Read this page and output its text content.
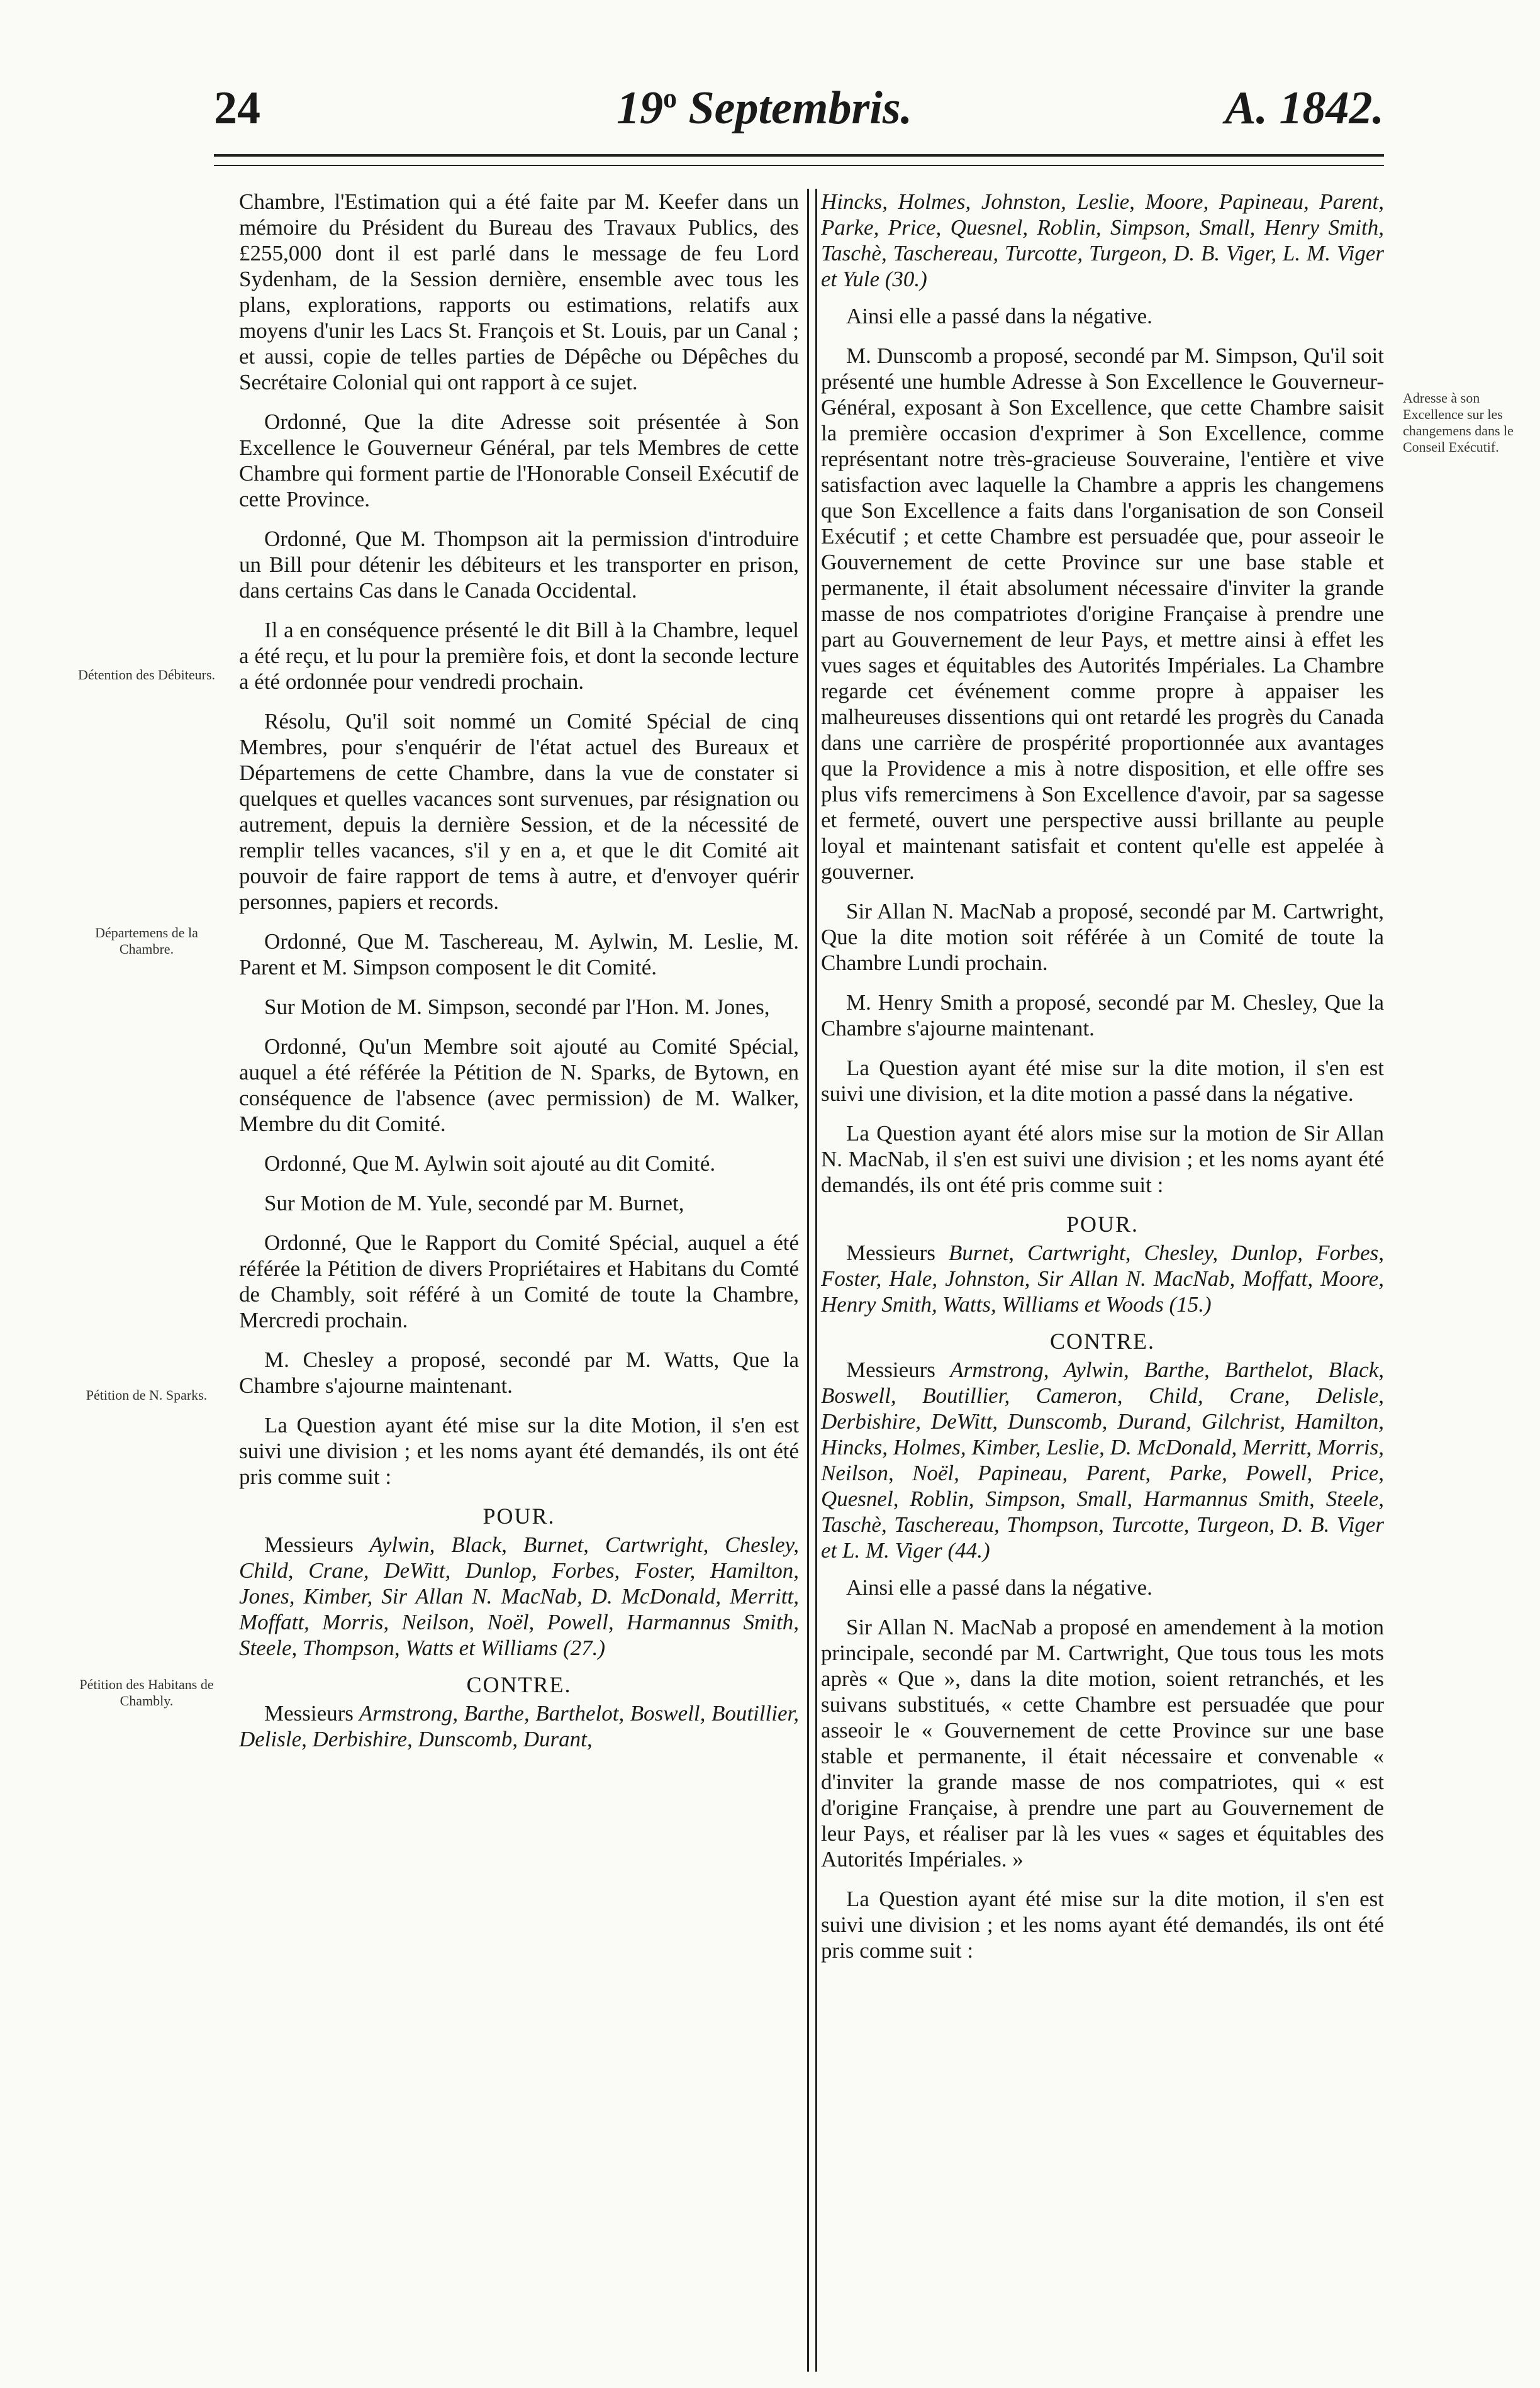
24	19$^o$ Septembris.	A. 1842.
Détention des Débiteurs.
Départemens de la Chambre.
Pétition de N. Sparks.
Pétition des Habitans de Chambly.
Adresse à son Excellence sur les changemens dans le Conseil Exécutif.

Chambre, l'Estimation qui a été faite par M. Keefer dans un mémoire du Président du Bureau des Travaux Publics, des £255,000 dont il est parlé dans le message de feu Lord Sydenham, de la Session dernière, ensemble avec tous les plans, explorations, rapports ou estimations, relatifs aux moyens d'unir les Lacs St. François et St. Louis, par un Canal ; et aussi, copie de telles parties de Dépêche ou Dépêches du Secrétaire Colonial qui ont rapport à ce sujet.

Ordonné, Que la dite Adresse soit présentée à Son Excellence le Gouverneur Général, par tels Membres de cette Chambre qui forment partie de l'Honorable Conseil Exécutif de cette Province.

Ordonné, Que M. Thompson ait la permission d'introduire un Bill pour détenir les débiteurs et les transporter en prison, dans certains Cas dans le Canada Occidental.

Il a en conséquence présenté le dit Bill à la Chambre, lequel a été reçu, et lu pour la première fois, et dont la seconde lecture a été ordonnée pour vendredi prochain.

Résolu, Qu'il soit nommé un Comité Spécial de cinq Membres, pour s'enquérir de l'état actuel des Bureaux et Départemens de cette Chambre, dans la vue de constater si quelques et quelles vacances sont survenues, par résignation ou autrement, depuis la dernière Session, et de la nécessité de remplir telles vacances, s'il y en a, et que le dit Comité ait pouvoir de faire rapport de tems à autre, et d'envoyer quérir personnes, papiers et records.

Ordonné, Que M. Taschereau, M. Aylwin, M. Leslie, M. Parent et M. Simpson composent le dit Comité.

Sur Motion de M. Simpson, secondé par l'Hon. M. Jones,

Ordonné, Qu'un Membre soit ajouté au Comité Spécial, auquel a été référée la Pétition de N. Sparks, de Bytown, en conséquence de l'absence (avec permission) de M. Walker, Membre du dit Comité.

Ordonné, Que M. Aylwin soit ajouté au dit Comité.

Sur Motion de M. Yule, secondé par M. Burnet,

Ordonné, Que le Rapport du Comité Spécial, auquel a été référée la Pétition de divers Propriétaires et Habitans du Comté de Chambly, soit référé à un Comité de toute la Chambre, Mercredi prochain.

M. Chesley a proposé, secondé par M. Watts, Que la Chambre s'ajourne maintenant.

La Question ayant été mise sur la dite Motion, il s'en est suivi une division ; et les noms ayant été demandés, ils ont été pris comme suit :

POUR.

Messieurs Aylwin, Black, Burnet, Cartwright, Chesley, Child, Crane, DeWitt, Dunlop, Forbes, Foster, Hamilton, Jones, Kimber, Sir Allan N. MacNab, D. McDonald, Merritt, Moffatt, Morris, Neilson, Noël, Powell, Harmannus Smith, Steele, Thompson, Watts et Williams (27.)

CONTRE.

Messieurs Armstrong, Barthe, Barthelot, Boswell, Boutillier, Delisle, Derbishire, Dunscomb, Durant,

Hincks, Holmes, Johnston, Leslie, Moore, Papineau, Parent, Parke, Price, Quesnel, Roblin, Simpson, Small, Henry Smith, Taschè, Taschereau, Turcotte, Turgeon, D. B. Viger, L. M. Viger et Yule (30.)

Ainsi elle a passé dans la négative.

M. Dunscomb a proposé, secondé par M. Simpson, Qu'il soit présenté une humble Adresse à Son Excellence le Gouverneur-Général, exposant à Son Excellence, que cette Chambre saisit la première occasion d'exprimer à Son Excellence, comme représentant notre très-gracieuse Souveraine, l'entière et vive satisfaction avec laquelle la Chambre a appris les changemens que Son Excellence a faits dans l'organisation de son Conseil Exécutif ; et cette Chambre est persuadée que, pour asseoir le Gouvernement de cette Province sur une base stable et permanente, il était absolument nécessaire d'inviter la grande masse de nos compatriotes d'origine Française à prendre une part au Gouvernement de leur Pays, et mettre ainsi à effet les vues sages et équitables des Autorités Impériales. La Chambre regarde cet événement comme propre à appaiser les malheureuses dissentions qui ont retardé les progrès du Canada dans une carrière de prospérité proportionnée aux avantages que la Providence a mis à notre disposition, et elle offre ses plus vifs remercimens à Son Excellence d'avoir, par sa sagesse et fermeté, ouvert une perspective aussi brillante au peuple loyal et maintenant satisfait et content qu'elle est appelée à gouverner.

Sir Allan N. MacNab a proposé, secondé par M. Cartwright, Que la dite motion soit référée à un Comité de toute la Chambre Lundi prochain.

M. Henry Smith a proposé, secondé par M. Chesley, Que la Chambre s'ajourne maintenant.

La Question ayant été mise sur la dite motion, il s'en est suivi une division, et la dite motion a passé dans la négative.

La Question ayant été alors mise sur la motion de Sir Allan N. MacNab, il s'en est suivi une division ; et les noms ayant été demandés, ils ont été pris comme suit :

POUR.

Messieurs Burnet, Cartwright, Chesley, Dunlop, Forbes, Foster, Hale, Johnston, Sir Allan N. MacNab, Moffatt, Moore, Henry Smith, Watts, Williams et Woods (15.)

CONTRE.

Messieurs Armstrong, Aylwin, Barthe, Barthelot, Black, Boswell, Boutillier, Cameron, Child, Crane, Delisle, Derbishire, DeWitt, Dunscomb, Durand, Gilchrist, Hamilton, Hincks, Holmes, Kimber, Leslie, D. McDonald, Merritt, Morris, Neilson, Noël, Papineau, Parent, Parke, Powell, Price, Quesnel, Roblin, Simpson, Small, Harmannus Smith, Steele, Taschè, Taschereau, Thompson, Turcotte, Turgeon, D. B. Viger et L. M. Viger (44.)

Ainsi elle a passé dans la négative.

Sir Allan N. MacNab a proposé en amendement à la motion principale, secondé par M. Cartwright, Que tous tous les mots après « Que », dans la dite motion, soient retranchés, et les suivans substitués, « cette Chambre est persuadée que pour asseoir le « Gouvernement de cette Province sur une base stable et permanente, il était nécessaire et convenable « d'inviter la grande masse de nos compatriotes, qui « est d'origine Française, à prendre une part au Gouvernement de leur Pays, et réaliser par là les vues « sages et équitables des Autorités Impériales. »

La Question ayant été mise sur la dite motion, il s'en est suivi une division ; et les noms ayant été demandés, ils ont été pris comme suit :
